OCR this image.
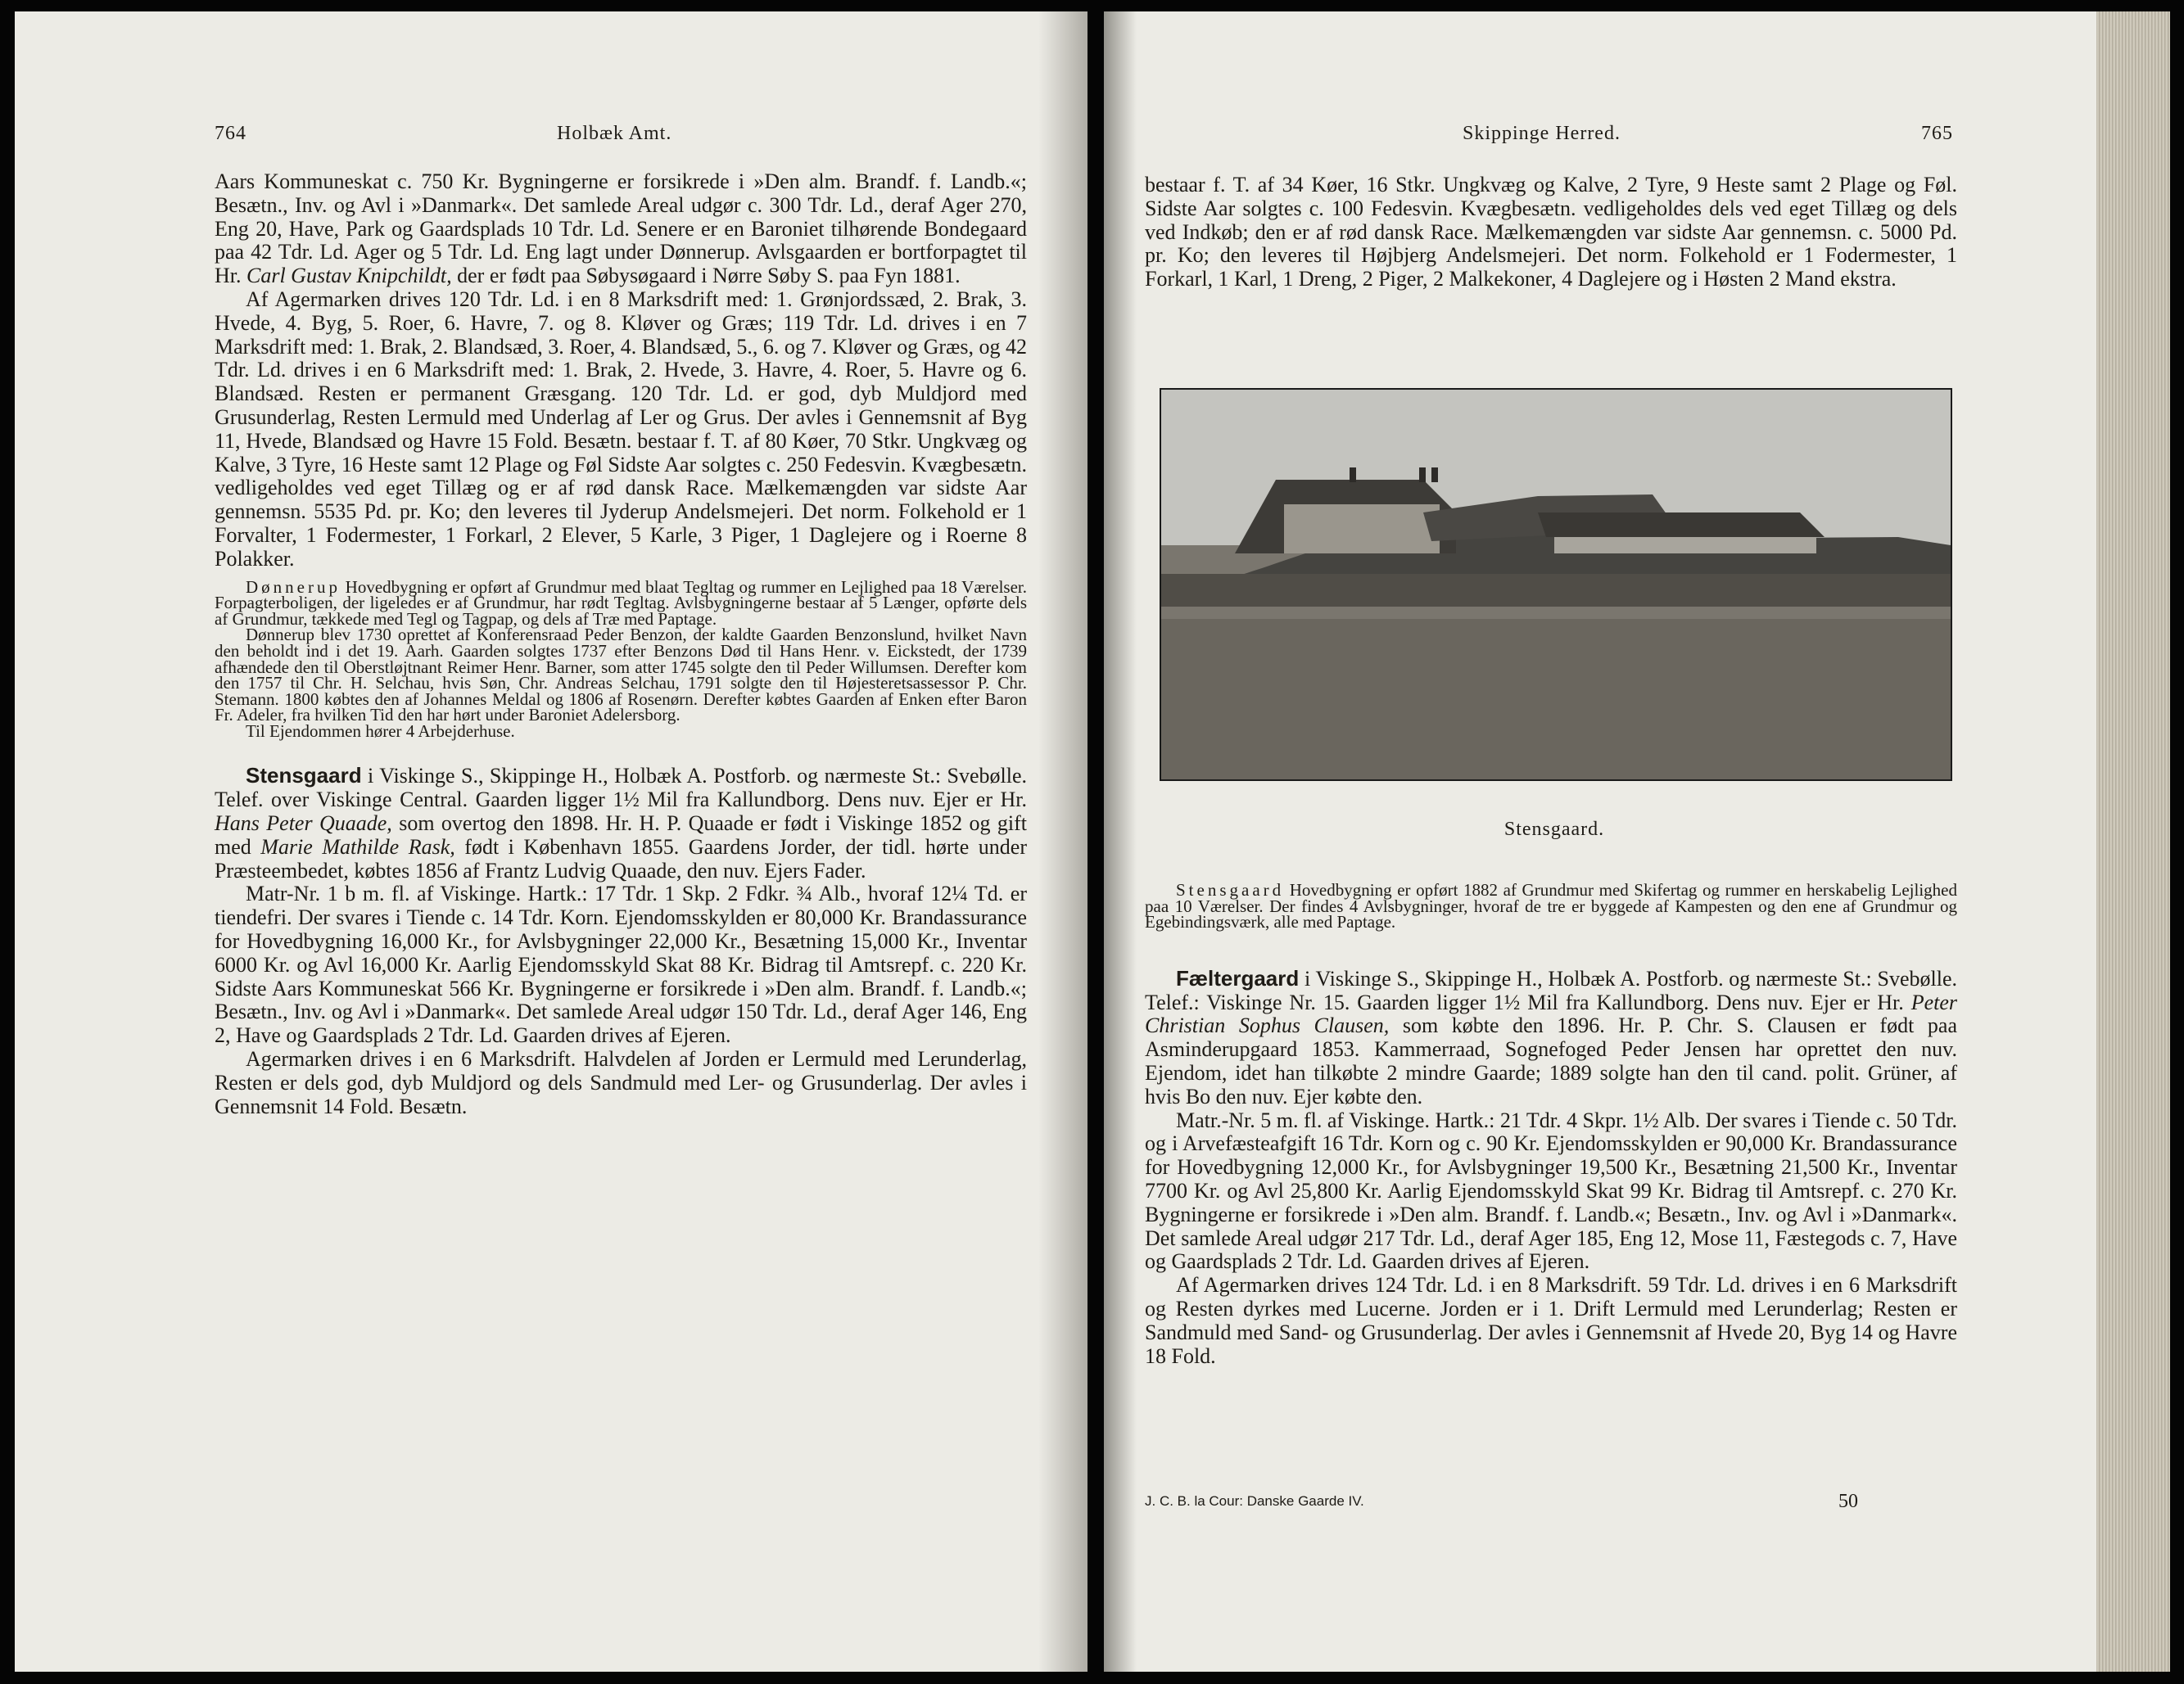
764	Holbæk Amt.

Aars Kommuneskat c. 750 Kr. Bygningerne er forsikrede i »Den alm. Brandf. f. Landb.«; Besætn., Inv. og Avl i »Danmark«. Det samlede Areal udgør c. 300 Tdr. Ld., deraf Ager 270, Eng 20, Have, Park og Gaardsplads 10 Tdr. Ld. Senere er en Baroniet tilhørende Bondegaard paa 42 Tdr. Ld. Ager og 5 Tdr. Ld. Eng lagt under Dønnerup. Avlsgaarden er bortforpagtet til Hr. Carl Gustav Knipchildt, der er født paa Søbysøgaard i Nørre Søby S. paa Fyn 1881.

Af Agermarken drives 120 Tdr. Ld. i en 8 Marksdrift med: 1. Grønjordssæd, 2. Brak, 3. Hvede, 4. Byg, 5. Roer, 6. Havre, 7. og 8. Kløver og Græs; 119 Tdr. Ld. drives i en 7 Marksdrift med: 1. Brak, 2. Blandsæd, 3. Roer, 4. Blandsæd, 5., 6. og 7. Kløver og Græs, og 42 Tdr. Ld. drives i en 6 Marksdrift med: 1. Brak, 2. Hvede, 3. Havre, 4. Roer, 5. Havre og 6. Blandsæd. Resten er permanent Græsgang. 120 Tdr. Ld. er god, dyb Muldjord med Grusunderlag, Resten Lermuld med Underlag af Ler og Grus. Der avles i Gennemsnit af Byg 11, Hvede, Blandsæd og Havre 15 Fold. Besætn. bestaar f. T. af 80 Køer, 70 Stkr. Ungkvæg og Kalve, 3 Tyre, 16 Heste samt 12 Plage og Føl Sidste Aar solgtes c. 250 Fedesvin. Kvægbesætn. vedligeholdes ved eget Tillæg og er af rød dansk Race. Mælkemængden var sidste Aar gennemsn. 5535 Pd. pr. Ko; den leveres til Jyderup Andelsmejeri. Det norm. Folkehold er 1 Forvalter, 1 Fodermester, 1 Forkarl, 2 Elever, 5 Karle, 3 Piger, 1 Daglejere og i Roerne 8 Polakker.

Dønnerup Hovedbygning er opført af Grundmur med blaat Tegltag og rummer en Lejlighed paa 18 Værelser. Forpagterboligen, der ligeledes er af Grundmur, har rødt Tegltag. Avlsbygningerne bestaar af 5 Længer, opførte dels af Grundmur, tækkede med Tegl og Tagpap, og dels af Træ med Paptage.

Dønnerup blev 1730 oprettet af Konferensraad Peder Benzon, der kaldte Gaarden Benzonslund, hvilket Navn den beholdt ind i det 19. Aarh. Gaarden solgtes 1737 efter Benzons Død til Hans Henr. v. Eickstedt, der 1739 afhændede den til Oberstløjtnant Reimer Henr. Barner, som atter 1745 solgte den til Peder Willumsen. Derefter kom den 1757 til Chr. H. Selchau, hvis Søn, Chr. Andreas Selchau, 1791 solgte den til Højesteretsassessor P. Chr. Stemann. 1800 købtes den af Johannes Meldal og 1806 af Rosenørn. Derefter købtes Gaarden af Enken efter Baron Fr. Adeler, fra hvilken Tid den har hørt under Baroniet Adelersborg.

Til Ejendommen hører 4 Arbejderhuse.

Stensgaard i Viskinge S., Skippinge H., Holbæk A. Postforb. og nærmeste St.: Svebølle. Telef. over Viskinge Central. Gaarden ligger 1½ Mil fra Kallundborg. Dens nuv. Ejer er Hr. Hans Peter Quaade, som overtog den 1898. Hr. H. P. Quaade er født i Viskinge 1852 og gift med Marie Mathilde Rask, født i København 1855. Gaardens Jorder, der tidl. hørte under Præsteembedet, købtes 1856 af Frantz Ludvig Quaade, den nuv. Ejers Fader.

Matr-Nr. 1 b m. fl. af Viskinge. Hartk.: 17 Tdr. 1 Skp. 2 Fdkr. ¾ Alb., hvoraf 12¼ Td. er tiendefri. Der svares i Tiende c. 14 Tdr. Korn. Ejendomsskylden er 80,000 Kr. Brandassurance for Hovedbygning 16,000 Kr., for Avlsbygninger 22,000 Kr., Besætning 15,000 Kr., Inventar 6000 Kr. og Avl 16,000 Kr. Aarlig Ejendomsskyld Skat 88 Kr. Bidrag til Amtsrepf. c. 220 Kr. Sidste Aars Kommuneskat 566 Kr. Bygningerne er forsikrede i »Den alm. Brandf. f. Landb.«; Besætn., Inv. og Avl i »Danmark«. Det samlede Areal udgør 150 Tdr. Ld., deraf Ager 146, Eng 2, Have og Gaardsplads 2 Tdr. Ld. Gaarden drives af Ejeren.

Agermarken drives i en 6 Marksdrift. Halvdelen af Jorden er Lermuld med Lerunderlag, Resten er dels god, dyb Muldjord og dels Sandmuld med Ler- og Grusunderlag. Der avles i Gennemsnit 14 Fold. Besætn.

Skippinge Herred.	765

bestaar f. T. af 34 Køer, 16 Stkr. Ungkvæg og Kalve, 2 Tyre, 9 Heste samt 2 Plage og Føl. Sidste Aar solgtes c. 100 Fedesvin. Kvægbesætn. vedligeholdes dels ved eget Tillæg og dels ved Indkøb; den er af rød dansk Race. Mælkemængden var sidste Aar gennemsn. c. 5000 Pd. pr. Ko; den leveres til Højbjerg Andelsmejeri. Det norm. Folkehold er 1 Fodermester, 1 Forkarl, 1 Karl, 1 Dreng, 2 Piger, 2 Malkekoner, 4 Daglejere og i Høsten 2 Mand ekstra.

Stensgaard.

Stensgaard Hovedbygning er opført 1882 af Grundmur med Skifertag og rummer en herskabelig Lejlighed paa 10 Værelser. Der findes 4 Avlsbygninger, hvoraf de tre er byggede af Kampesten og den ene af Grundmur og Egebindingsværk, alle med Paptage.

Fæltergaard i Viskinge S., Skippinge H., Holbæk A. Postforb. og nærmeste St.: Svebølle. Telef.: Viskinge Nr. 15. Gaarden ligger 1½ Mil fra Kallundborg. Dens nuv. Ejer er Hr. Peter Christian Sophus Clausen, som købte den 1896. Hr. P. Chr. S. Clausen er født paa Asminderupgaard 1853. Kammerraad, Sognefoged Peder Jensen har oprettet den nuv. Ejendom, idet han tilkøbte 2 mindre Gaarde; 1889 solgte han den til cand. polit. Grüner, af hvis Bo den nuv. Ejer købte den.

Matr.-Nr. 5 m. fl. af Viskinge. Hartk.: 21 Tdr. 4 Skpr. 1½ Alb. Der svares i Tiende c. 50 Tdr. og i Arvefæsteafgift 16 Tdr. Korn og c. 90 Kr. Ejendomsskylden er 90,000 Kr. Brandassurance for Hovedbygning 12,000 Kr., for Avlsbygninger 19,500 Kr., Besætning 21,500 Kr., Inventar 7700 Kr. og Avl 25,800 Kr. Aarlig Ejendomsskyld Skat 99 Kr. Bidrag til Amtsrepf. c. 270 Kr. Bygningerne er forsikrede i »Den alm. Brandf. f. Landb.«; Besætn., Inv. og Avl i »Danmark«. Det samlede Areal udgør 217 Tdr. Ld., deraf Ager 185, Eng 12, Mose 11, Fæstegods c. 7, Have og Gaardsplads 2 Tdr. Ld. Gaarden drives af Ejeren.

Af Agermarken drives 124 Tdr. Ld. i en 8 Marksdrift. 59 Tdr. Ld. drives i en 6 Marksdrift og Resten dyrkes med Lucerne. Jorden er i 1. Drift Lermuld med Lerunderlag; Resten er Sandmuld med Sand- og Grusunderlag. Der avles i Gennemsnit af Hvede 20, Byg 14 og Havre 18 Fold.

J. C. B. la Cour: Danske Gaarde IV.	50
